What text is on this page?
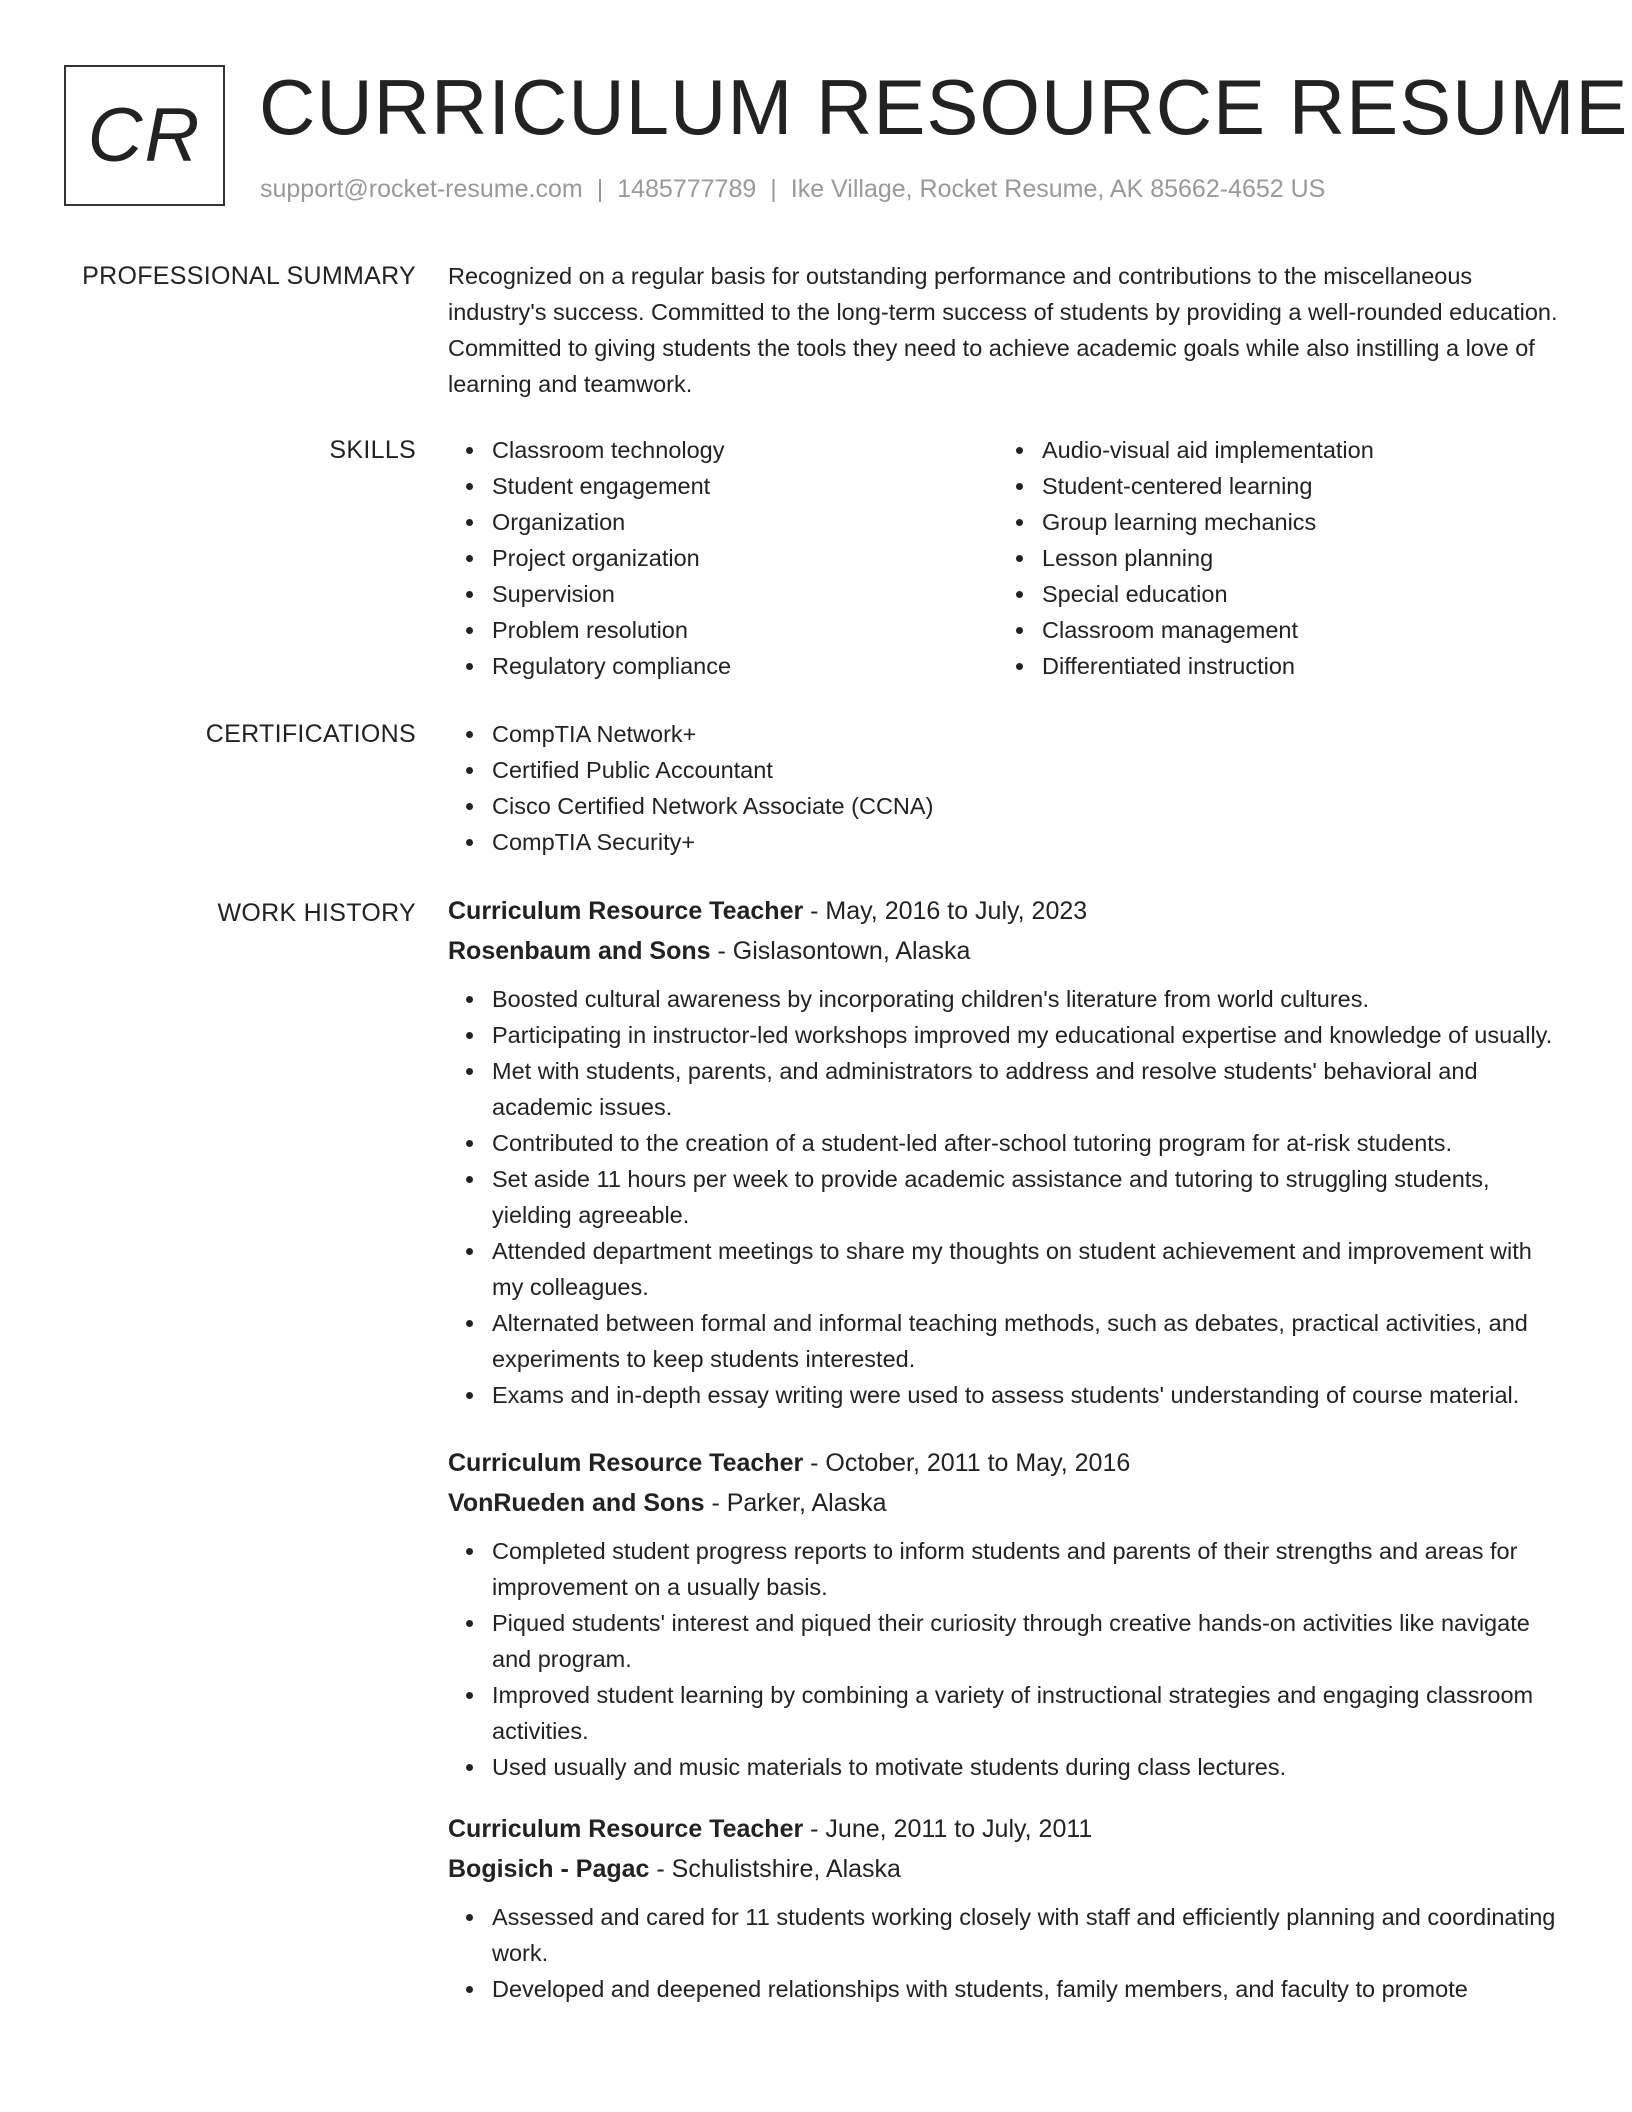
CR CURRICULUM RESOURCE RESUME
support@rocket-resume.com | 1485777789 | Ike Village, Rocket Resume, AK 85662-4652 US
PROFESSIONAL SUMMARY Recognized on a regular basis for outstanding performance and contributions to the miscellaneous industry's success. Committed to the long-term success of students by providing a well-rounded education. Committed to giving students the tools they need to achieve academic goals while also instilling a love of learning and teamwork.
SKILLS	Classroom technology
Student engagement
Organization
Project organization
Supervision
Problem resolution
Regulatory compliance
Audio-visual aid implementation
Student-centered learning
Group learning mechanics
Lesson planning
Special education
Classroom management
Differentiated instruction
CERTIFICATIONS	CompTIA Network+
Certified Public Accountant
Cisco Certified Network Associate (CCNA)
CompTIA Security+
WORK HISTORY Curriculum Resource Teacher - May, 2016 to July, 2023
Rosenbaum and Sons - Gislasontown, Alaska
Boosted cultural awareness by incorporating children's literature from world cultures.
Participating in instructor-led workshops improved my educational expertise and knowledge of usually.
Met with students, parents, and administrators to address and resolve students' behavioral and academic issues.
Contributed to the creation of a student-led after-school tutoring program for at-risk students.
Set aside 11 hours per week to provide academic assistance and tutoring to struggling students, yielding agreeable.
Attended department meetings to share my thoughts on student achievement and improvement with my colleagues.
Alternated between formal and informal teaching methods, such as debates, practical activities, and experiments to keep students interested.
Exams and in-depth essay writing were used to assess students' understanding of course material.
Curriculum Resource Teacher - October, 2011 to May, 2016
VonRueden and Sons - Parker, Alaska
Completed student progress reports to inform students and parents of their strengths and areas for improvement on a usually basis.
Piqued students' interest and piqued their curiosity through creative hands-on activities like navigate and program.
Improved student learning by combining a variety of instructional strategies and engaging classroom activities.
Used usually and music materials to motivate students during class lectures.
Curriculum Resource Teacher - June, 2011 to July, 2011
Bogisich - Pagac - Schulistshire, Alaska
Assessed and cared for 11 students working closely with staff and efficiently planning and coordinating work.
Developed and deepened relationships with students, family members, and faculty to promote
